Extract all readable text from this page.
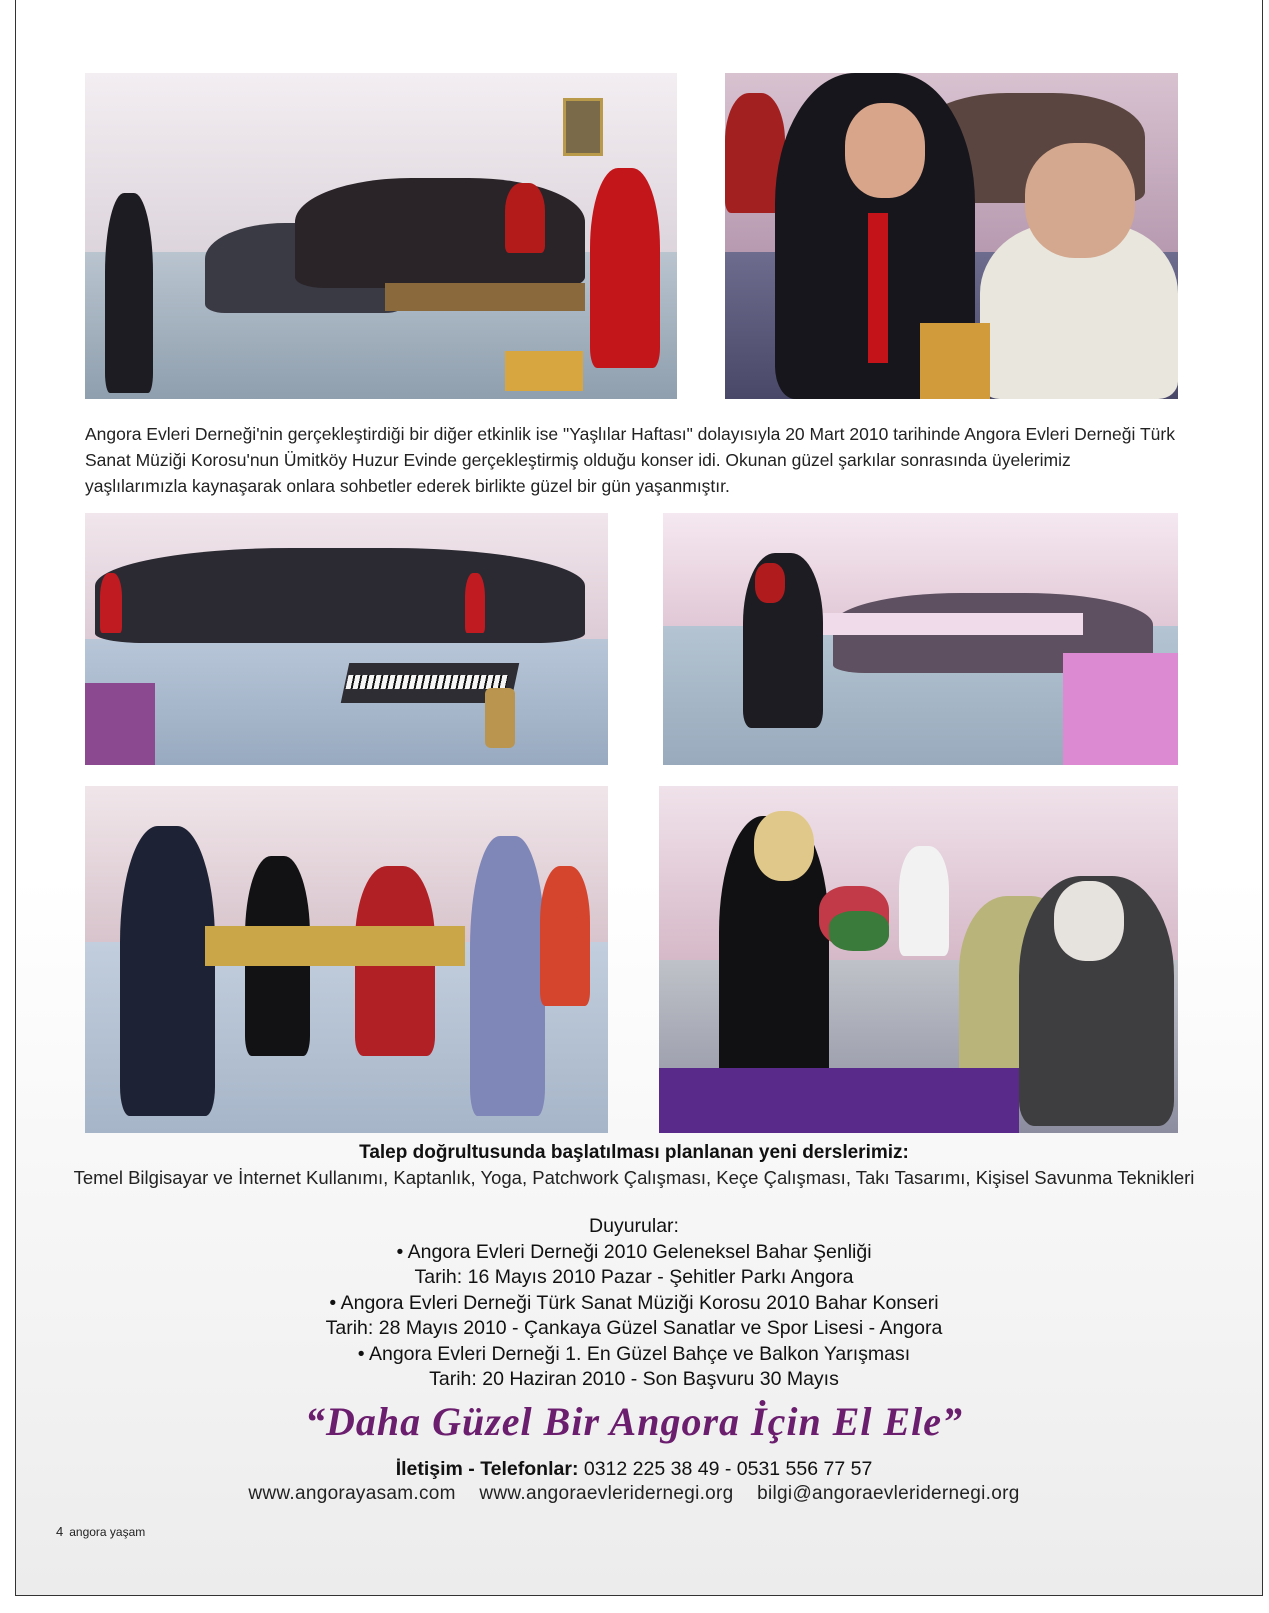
Angora Evleri Derneği'nin gerçekleştirdiği bir diğer etkinlik ise "Yaşlılar Haftası" dolayısıyla 20 Mart 2010 tarihinde Angora Evleri Derneği Türk Sanat Müziği Korosu'nun Ümitköy Huzur Evinde gerçekleştirmiş olduğu konser idi. Okunan güzel şarkılar sonrasında üyelerimiz yaşlılarımızla kaynaşarak onlara sohbetler ederek birlikte güzel bir gün yaşanmıştır.
Talep doğrultusunda başlatılması planlanan yeni derslerimiz:
Temel Bilgisayar ve İnternet Kullanımı, Kaptanlık, Yoga, Patchwork Çalışması, Keçe Çalışması, Takı Tasarımı, Kişisel Savunma Teknikleri
Duyurular:
• Angora Evleri Derneği 2010 Geleneksel Bahar Şenliği
Tarih: 16 Mayıs 2010 Pazar - Şehitler Parkı Angora
• Angora Evleri Derneği Türk Sanat Müziği Korosu 2010 Bahar Konseri
Tarih: 28 Mayıs 2010 - Çankaya Güzel Sanatlar ve Spor Lisesi - Angora
• Angora Evleri Derneği 1. En Güzel Bahçe ve Balkon Yarışması
Tarih: 20 Haziran 2010 - Son Başvuru 30 Mayıs
“Daha Güzel Bir Angora İçin El Ele”
İletişim - Telefonlar: 0312 225 38 49 - 0531 556 77 57
www.angorayasam.com www.angoraevleridernegi.org bilgi@angoraevleridernegi.org
4 angora yaşam
